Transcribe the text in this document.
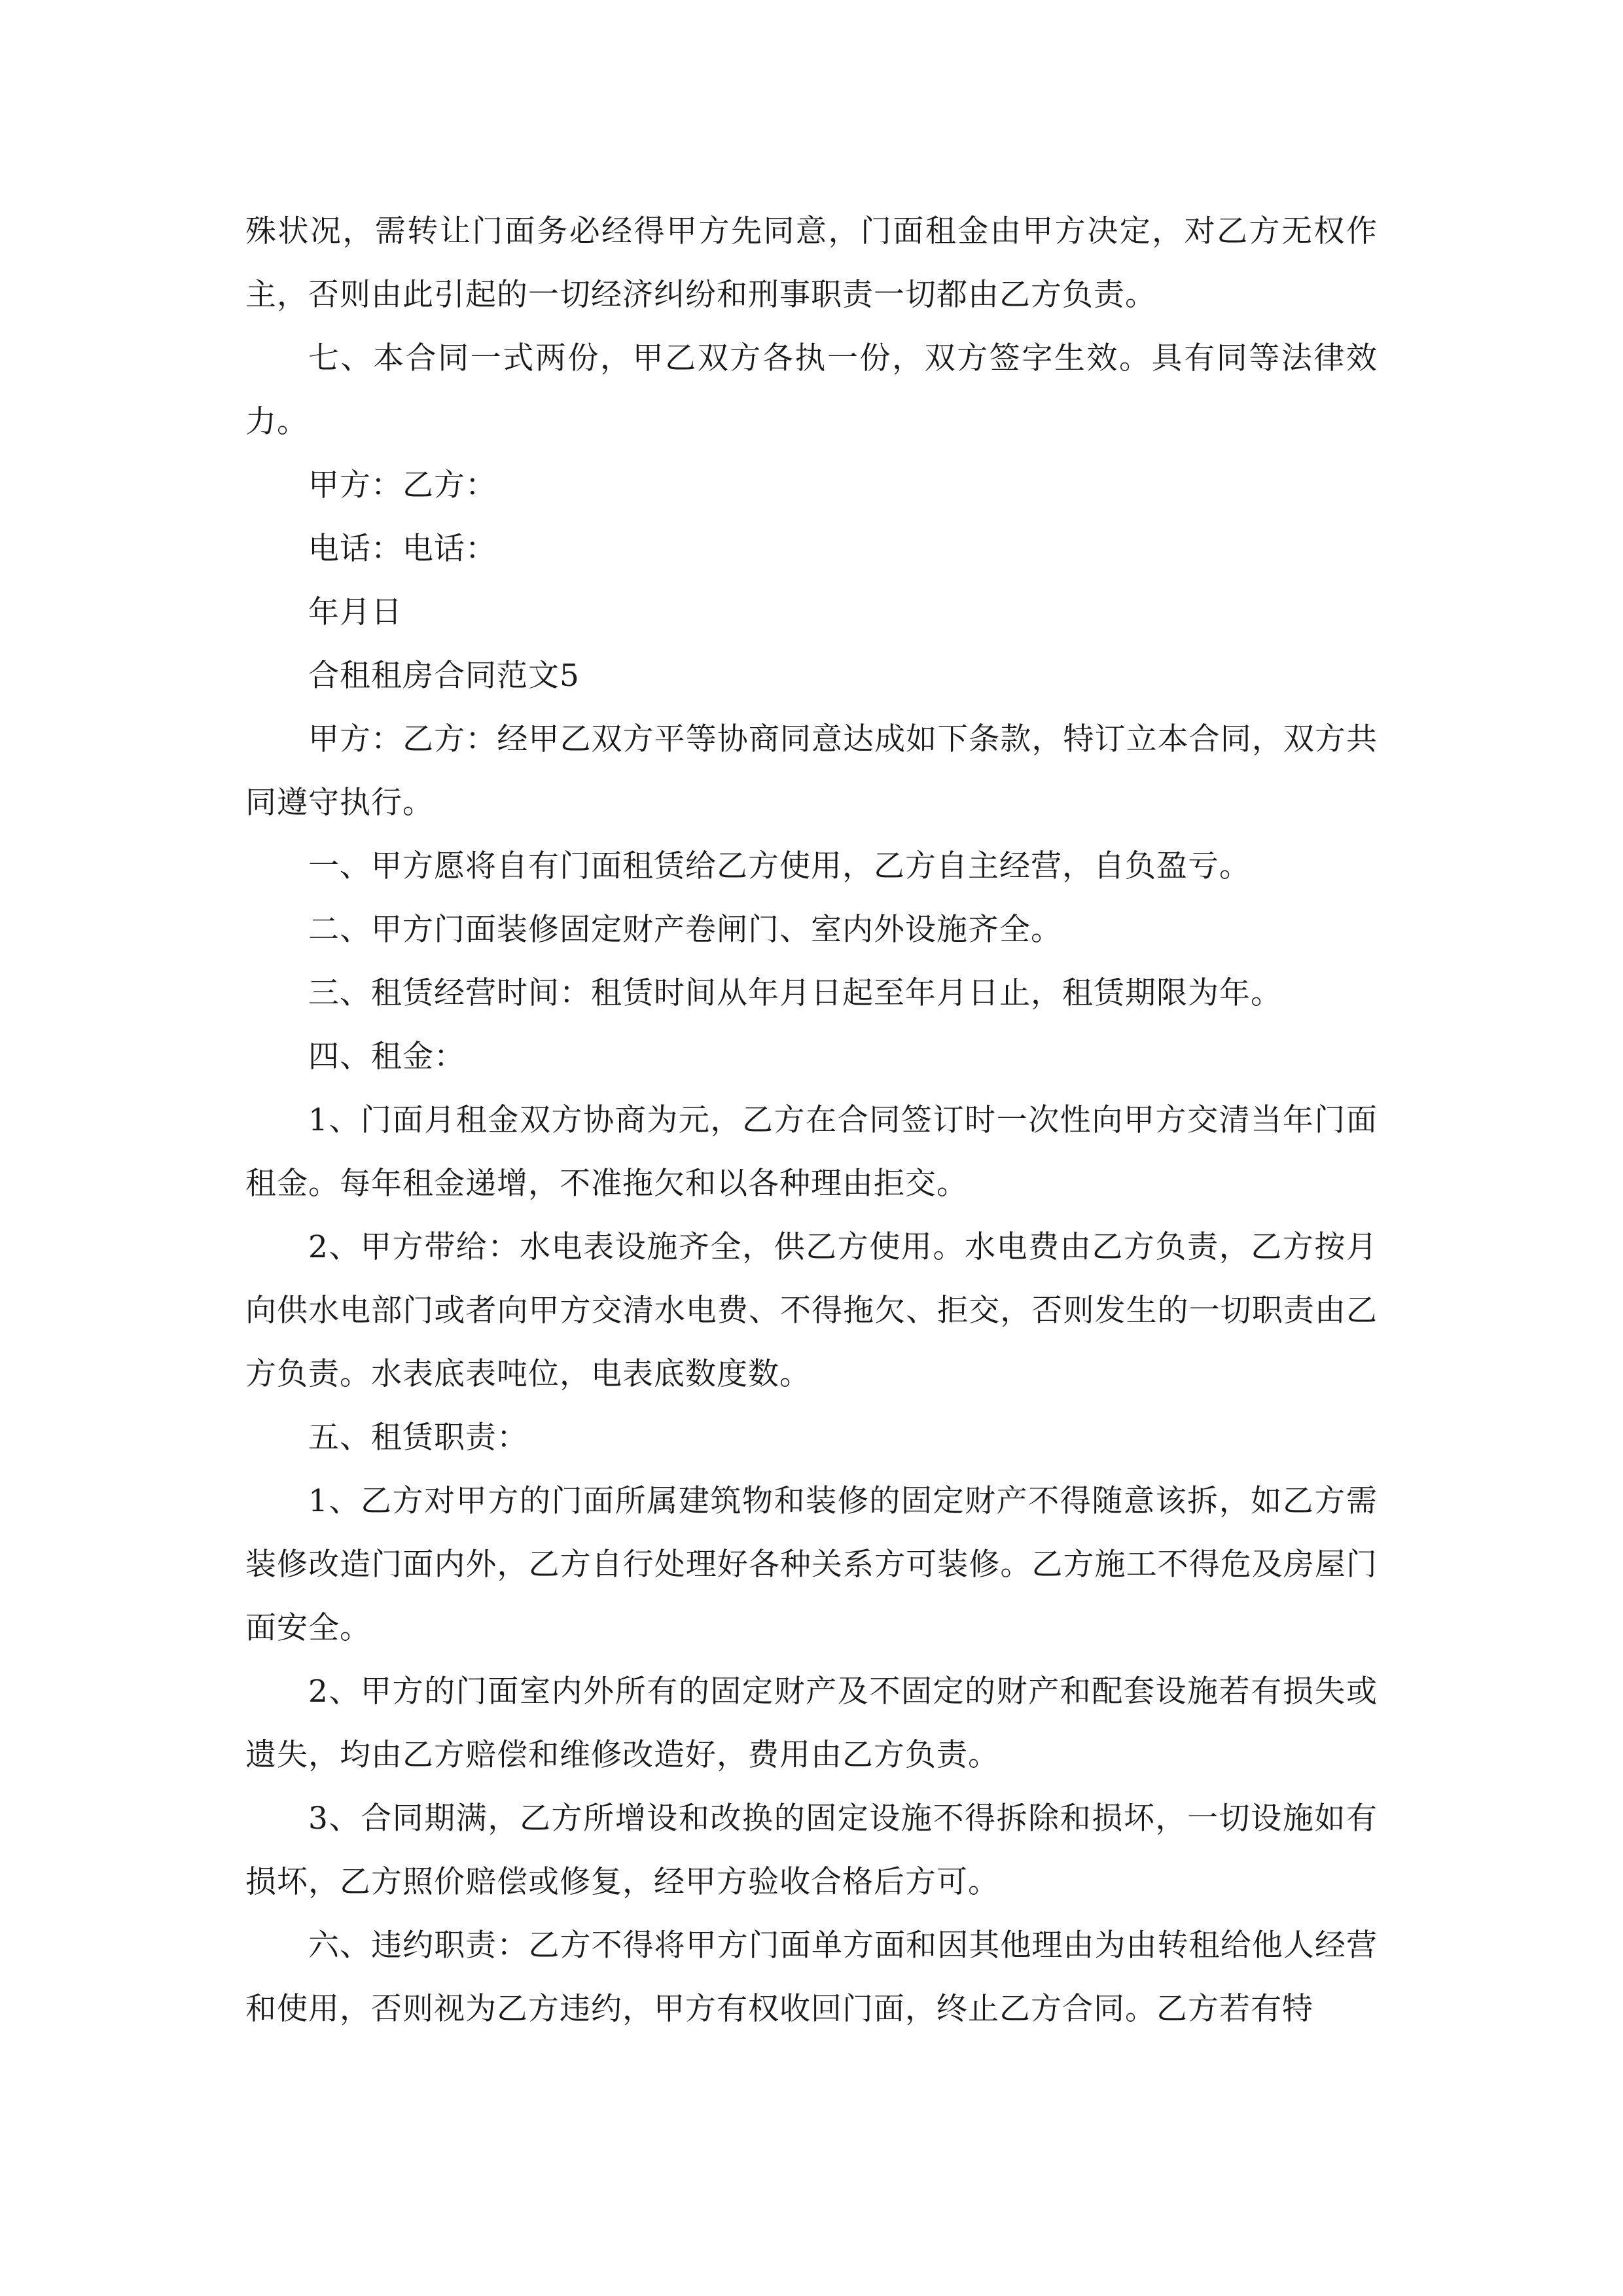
殊状况，需转让门面务必经得甲方先同意，门面租金由甲方决定，对乙方无权作主，否则由此引起的一切经济纠纷和刑事职责一切都由乙方负责。

七、本合同一式两份，甲乙双方各执一份，双方签字生效。具有同等法律效力。

甲方：乙方：

电话：电话：

年月日

合租租房合同范文5

甲方：乙方：经甲乙双方平等协商同意达成如下条款，特订立本合同，双方共同遵守执行。

一、甲方愿将自有门面租赁给乙方使用，乙方自主经营，自负盈亏。

二、甲方门面装修固定财产卷闸门、室内外设施齐全。

三、租赁经营时间：租赁时间从年月日起至年月日止，租赁期限为年。

四、租金：

1、门面月租金双方协商为元，乙方在合同签订时一次性向甲方交清当年门面租金。每年租金递增，不准拖欠和以各种理由拒交。

2、甲方带给：水电表设施齐全，供乙方使用。水电费由乙方负责，乙方按月向供水电部门或者向甲方交清水电费、不得拖欠、拒交，否则发生的一切职责由乙方负责。水表底表吨位，电表底数度数。

五、租赁职责：

1、乙方对甲方的门面所属建筑物和装修的固定财产不得随意该拆，如乙方需装修改造门面内外，乙方自行处理好各种关系方可装修。乙方施工不得危及房屋门面安全。

2、甲方的门面室内外所有的固定财产及不固定的财产和配套设施若有损失或遗失，均由乙方赔偿和维修改造好，费用由乙方负责。

3、合同期满，乙方所增设和改换的固定设施不得拆除和损坏，一切设施如有损坏，乙方照价赔偿或修复，经甲方验收合格后方可。

六、违约职责：乙方不得将甲方门面单方面和因其他理由为由转租给他人经营和使用，否则视为乙方违约，甲方有权收回门面，终止乙方合同。乙方若有特
